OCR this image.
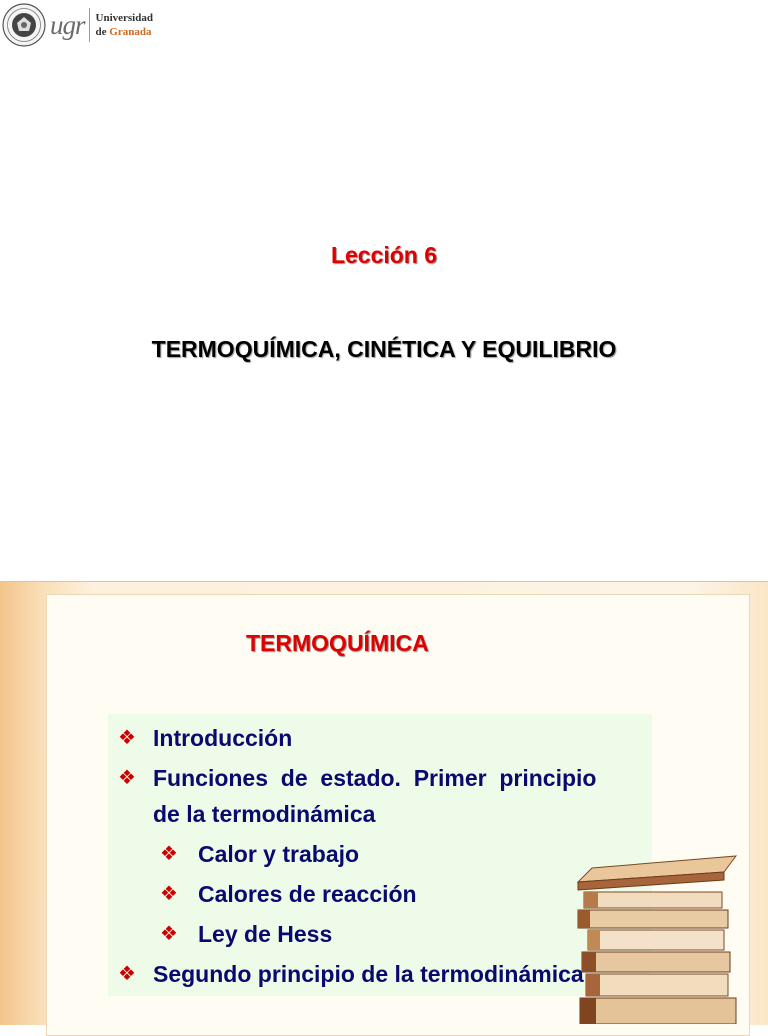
ugr Universidad
de Granada
Lección 6
TERMOQUÍMICA, CINÉTICA Y EQUILIBRIO
TERMOQUÍMICA
❖ Introducción
❖ Funciones  de  estado.  Primer  principio
de la termodinámica
❖ Calor y trabajo
❖ Calores de reacción
❖ Ley de Hess
❖ Segundo principio de la termodinámica
